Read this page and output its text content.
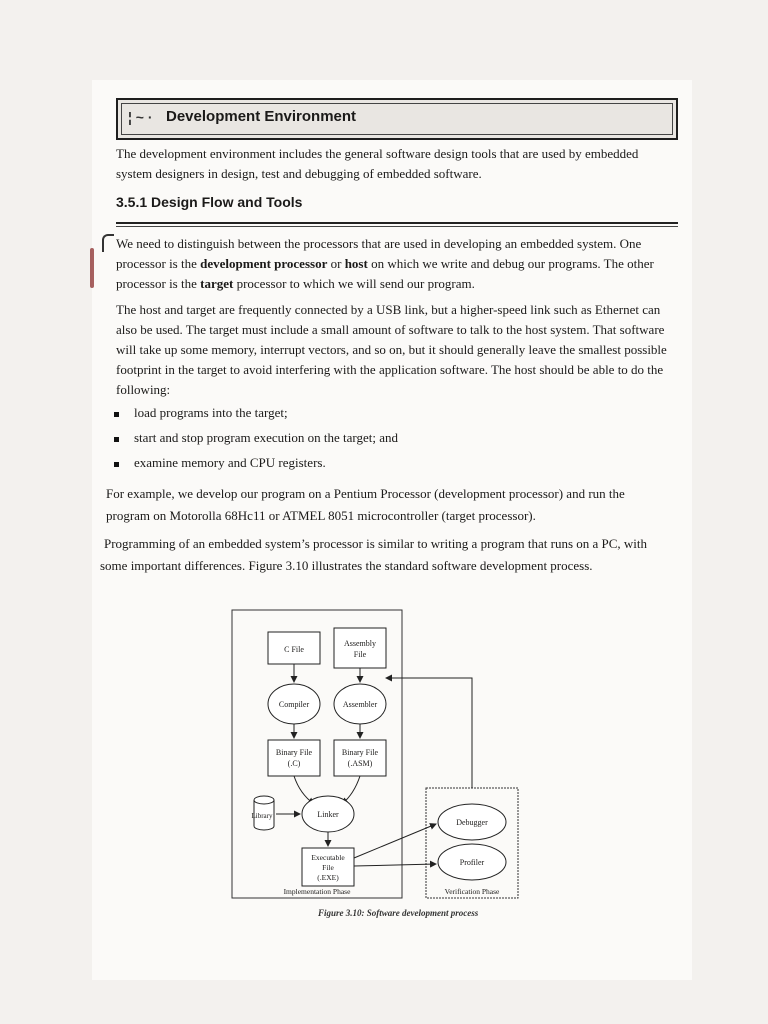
¦ ~ · Development Environment
The development environment includes the general software design tools that are used by embedded
system designers in design, test and debugging of embedded software.
3.5.1 Design Flow and Tools
We need to distinguish between the processors that are used in developing an embedded system. One
processor is the development processor or host on which we write and debug our programs. The other
processor is the target processor to which we will send our program.
The host and target are frequently connected by a USB link, but a higher-speed link such as Ethernet can
also be used. The target must include a small amount of software to talk to the host system. That software
will take up some memory, interrupt vectors, and so on, but it should generally leave the smallest possible
footprint in the target to avoid interfering with the application software. The host should be able to do the
following:
load programs into the target;
start and stop program execution on the target; and
examine memory and CPU registers.
For example, we develop our program on a Pentium Processor (development processor) and run the
program on Motorolla 68Hc11 or ATMEL 8051 microcontroller (target processor).
Programming of an embedded system’s processor is similar to writing a program that runs on a PC, with
some important differences. Figure 3.10 illustrates the standard software development process.
C File
Assembly
File
Compiler	Assembler
Binary File
(.C)
Binary File
(.ASM)
Library	Linker
Executable
File
(.EXE)
Debugger
Profiler
Implementation Phase	Verification Phase
Figure 3.10: Software development process
